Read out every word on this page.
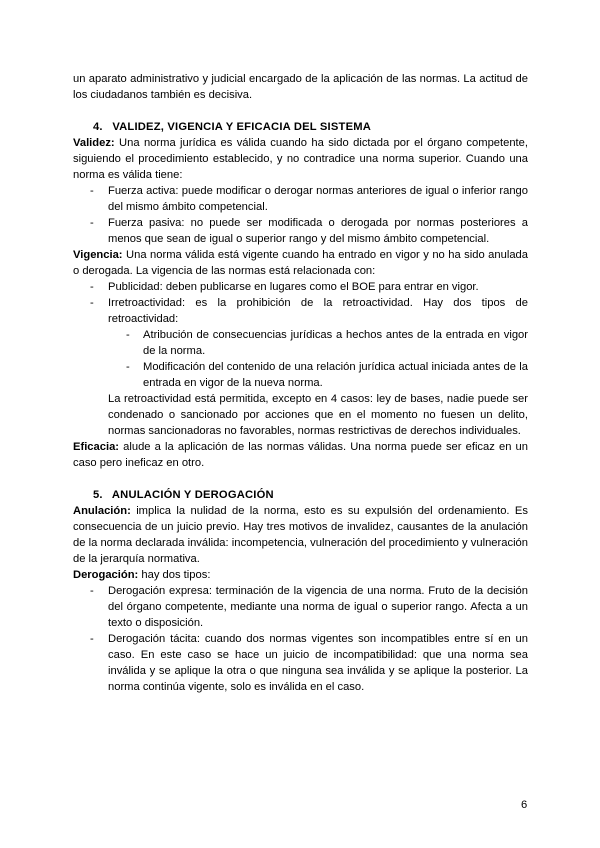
un aparato administrativo y judicial encargado de la aplicación de las normas. La actitud de los ciudadanos también es decisiva.

4. VALIDEZ, VIGENCIA Y EFICACIA DEL SISTEMA

Validez: Una norma jurídica es válida cuando ha sido dictada por el órgano competente, siguiendo el procedimiento establecido, y no contradice una norma superior. Cuando una norma es válida tiene:

- Fuerza activa: puede modificar o derogar normas anteriores de igual o inferior rango del mismo ámbito competencial.
- Fuerza pasiva: no puede ser modificada o derogada por normas posteriores a menos que sean de igual o superior rango y del mismo ámbito competencial.

Vigencia: Una norma válida está vigente cuando ha entrado en vigor y no ha sido anulada o derogada. La vigencia de las normas está relacionada con:

- Publicidad: deben publicarse en lugares como el BOE para entrar en vigor.
- Irretroactividad: es la prohibición de la retroactividad. Hay dos tipos de retroactividad:
- Atribución de consecuencias jurídicas a hechos antes de la entrada en vigor de la norma.
- Modificación del contenido de una relación jurídica actual iniciada antes de la entrada en vigor de la nueva norma.

La retroactividad está permitida, excepto en 4 casos: ley de bases, nadie puede ser condenado o sancionado por acciones que en el momento no fuesen un delito, normas sancionadoras no favorables, normas restrictivas de derechos individuales.

Eficacia: alude a la aplicación de las normas válidas. Una norma puede ser eficaz en un caso pero ineficaz en otro.

5. ANULACIÓN Y DEROGACIÓN

Anulación: implica la nulidad de la norma, esto es su expulsión del ordenamiento. Es consecuencia de un juicio previo. Hay tres motivos de invalidez, causantes de la anulación de la norma declarada inválida: incompetencia, vulneración del procedimiento y vulneración de la jerarquía normativa.

Derogación: hay dos tipos:

- Derogación expresa: terminación de la vigencia de una norma. Fruto de la decisión del órgano competente, mediante una norma de igual o superior rango. Afecta a un texto o disposición.
- Derogación tácita: cuando dos normas vigentes son incompatibles entre sí en un caso. En este caso se hace un juicio de incompatibilidad: que una norma sea inválida y se aplique la otra o que ninguna sea inválida y se aplique la posterior. La norma continúa vigente, solo es inválida en el caso.
6
